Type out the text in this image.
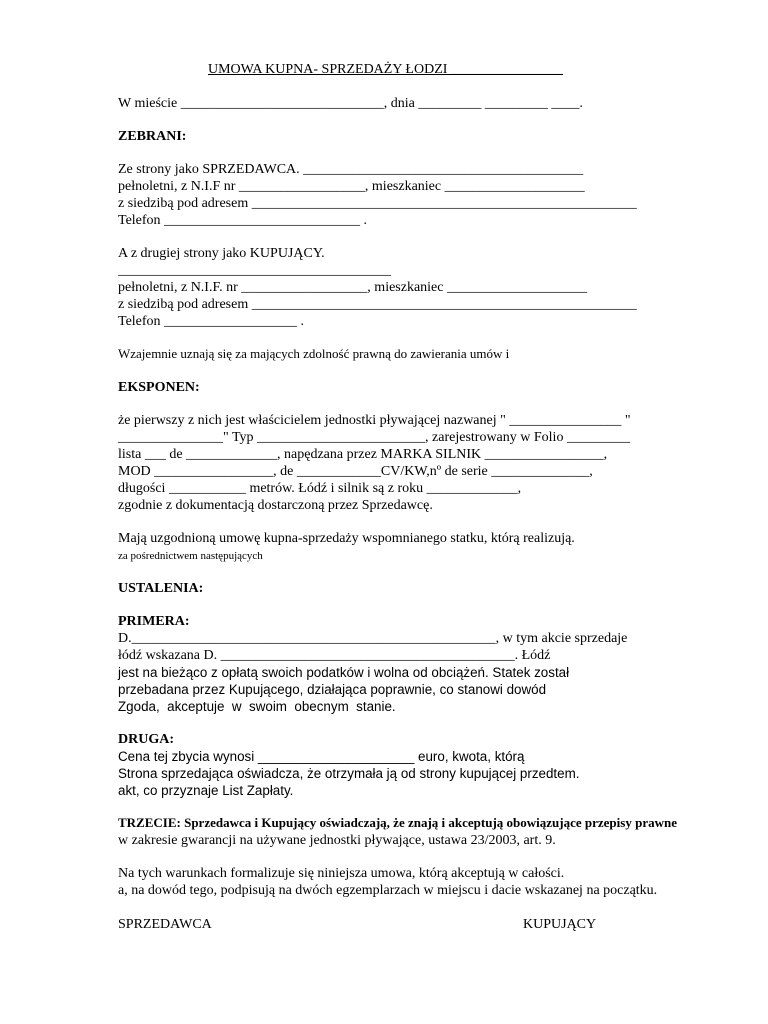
UMOWA KUPNA- SPRZEDAŻY ŁODZI ________________
W mieście _____________________________, dnia _________ _________ ____.
ZEBRANI:
Ze strony jako SPRZEDAWCA. ________________________________________
pełnoletni, z N.I.F nr __________________, mieszkaniec ____________________
z siedzibą pod adresem _______________________________________________________
Telefon ____________________________ .
A z drugiej strony jako KUPUJĄCY.
_______________________________________
pełnoletni, z N.I.F. nr __________________, mieszkaniec ____________________
z siedzibą pod adresem _______________________________________________________
Telefon ___________________ .
Wzajemnie uznają się za mających zdolność prawną do zawierania umów i
EKSPONEN:
że pierwszy z nich jest właścicielem jednostki pływającej nazwanej " ________________ "
_______________" Typ ________________________, zarejestrowany w Folio _________
lista ___ de _____________, napędzana przez MARKA SILNIK _________________,
MOD _________________, de ____________CV/KW,nº de serie ______________,
długości ___________ metrów. Łódź i silnik są z roku _____________,
zgodnie z dokumentacją dostarczoną przez Sprzedawcę.
Mają uzgodnioną umowę kupna-sprzedaży wspomnianego statku, którą realizują.
za pośrednictwem następujących
USTALENIA:
PRIMERA:
D.____________________________________________________, w tym akcie sprzedaje
łódź wskazana D. __________________________________________. Łódź
jest na bieżąco z opłatą swoich podatków i wolna od obciążeń. Statek został
przebadana przez Kupującego, działająca poprawnie, co stanowi dowód
Zgoda,  akceptuje  w  swoim  obecnym  stanie.
DRUGA:
Cena tej zbycia wynosi _____________________ euro, kwota, którą
Strona sprzedająca oświadcza, że otrzymała ją od strony kupującej przedtem.
akt, co przyznaje List Zapłaty.
TRZECIE: Sprzedawca i Kupujący oświadczają, że znają i akceptują obowiązujące przepisy prawne
w zakresie gwarancji na używane jednostki pływające, ustawa 23/2003, art. 9.
Na tych warunkach formalizuje się niniejsza umowa, którą akceptują w całości.
a, na dowód tego, podpisują na dwóch egzemplarzach w miejscu i dacie wskazanej na początku.
SPRZEDAWCA	KUPUJĄCY
